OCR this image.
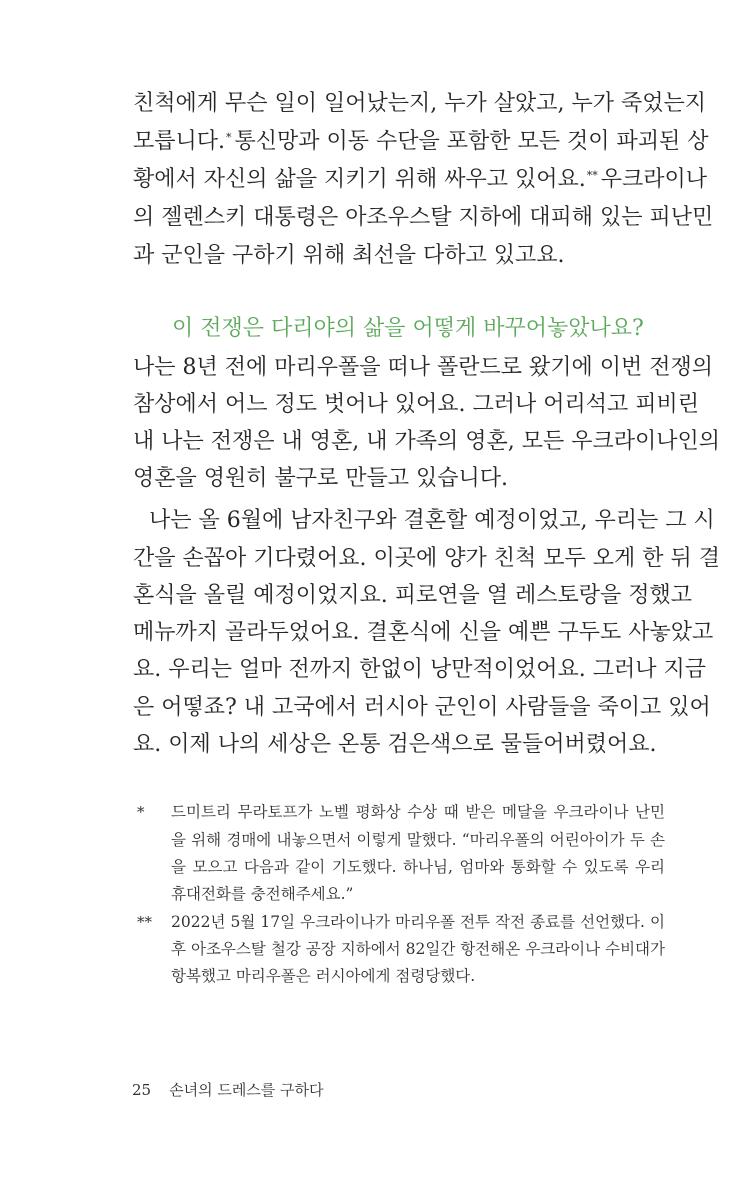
친척에게 무슨 일이 일어났는지, 누가 살았고, 누가 죽었는지
모릅니다.* 통신망과 이동 수단을 포함한 모든 것이 파괴된 상
황에서 자신의 삶을 지키기 위해 싸우고 있어요.** 우크라이나
의 젤렌스키 대통령은 아조우스탈 지하에 대피해 있는 피난민
과 군인을 구하기 위해 최선을 다하고 있고요.
이 전쟁은 다리야의 삶을 어떻게 바꾸어놓았나요?
나는 8년 전에 마리우폴을 떠나 폴란드로 왔기에 이번 전쟁의
참상에서 어느 정도 벗어나 있어요. 그러나 어리석고 피비린
내 나는 전쟁은 내 영혼, 내 가족의 영혼, 모든 우크라이나인의
영혼을 영원히 불구로 만들고 있습니다.
나는 올 6월에 남자친구와 결혼할 예정이었고, 우리는 그 시
간을 손꼽아 기다렸어요. 이곳에 양가 친척 모두 오게 한 뒤 결
혼식을 올릴 예정이었지요. 피로연을 열 레스토랑을 정했고
메뉴까지 골라두었어요. 결혼식에 신을 예쁜 구두도 사놓았고
요. 우리는 얼마 전까지 한없이 낭만적이었어요. 그러나 지금
은 어떻죠? 내 고국에서 러시아 군인이 사람들을 죽이고 있어
요. 이제 나의 세상은 온통 검은색으로 물들어버렸어요.
* 드미트리 무라토프가 노벨 평화상 수상 때 받은 메달을 우크라이나 난민
을 위해 경매에 내놓으면서 이렇게 말했다. “마리우폴의 어린아이가 두 손
을 모으고 다음과 같이 기도했다. 하나님, 엄마와 통화할 수 있도록 우리
휴대전화를 충전해주세요.”
** 2022년 5월 17일 우크라이나가 마리우폴 전투 작전 종료를 선언했다. 이
후 아조우스탈 철강 공장 지하에서 82일간 항전해온 우크라이나 수비대가
항복했고 마리우폴은 러시아에게 점령당했다.
25 손녀의 드레스를 구하다
